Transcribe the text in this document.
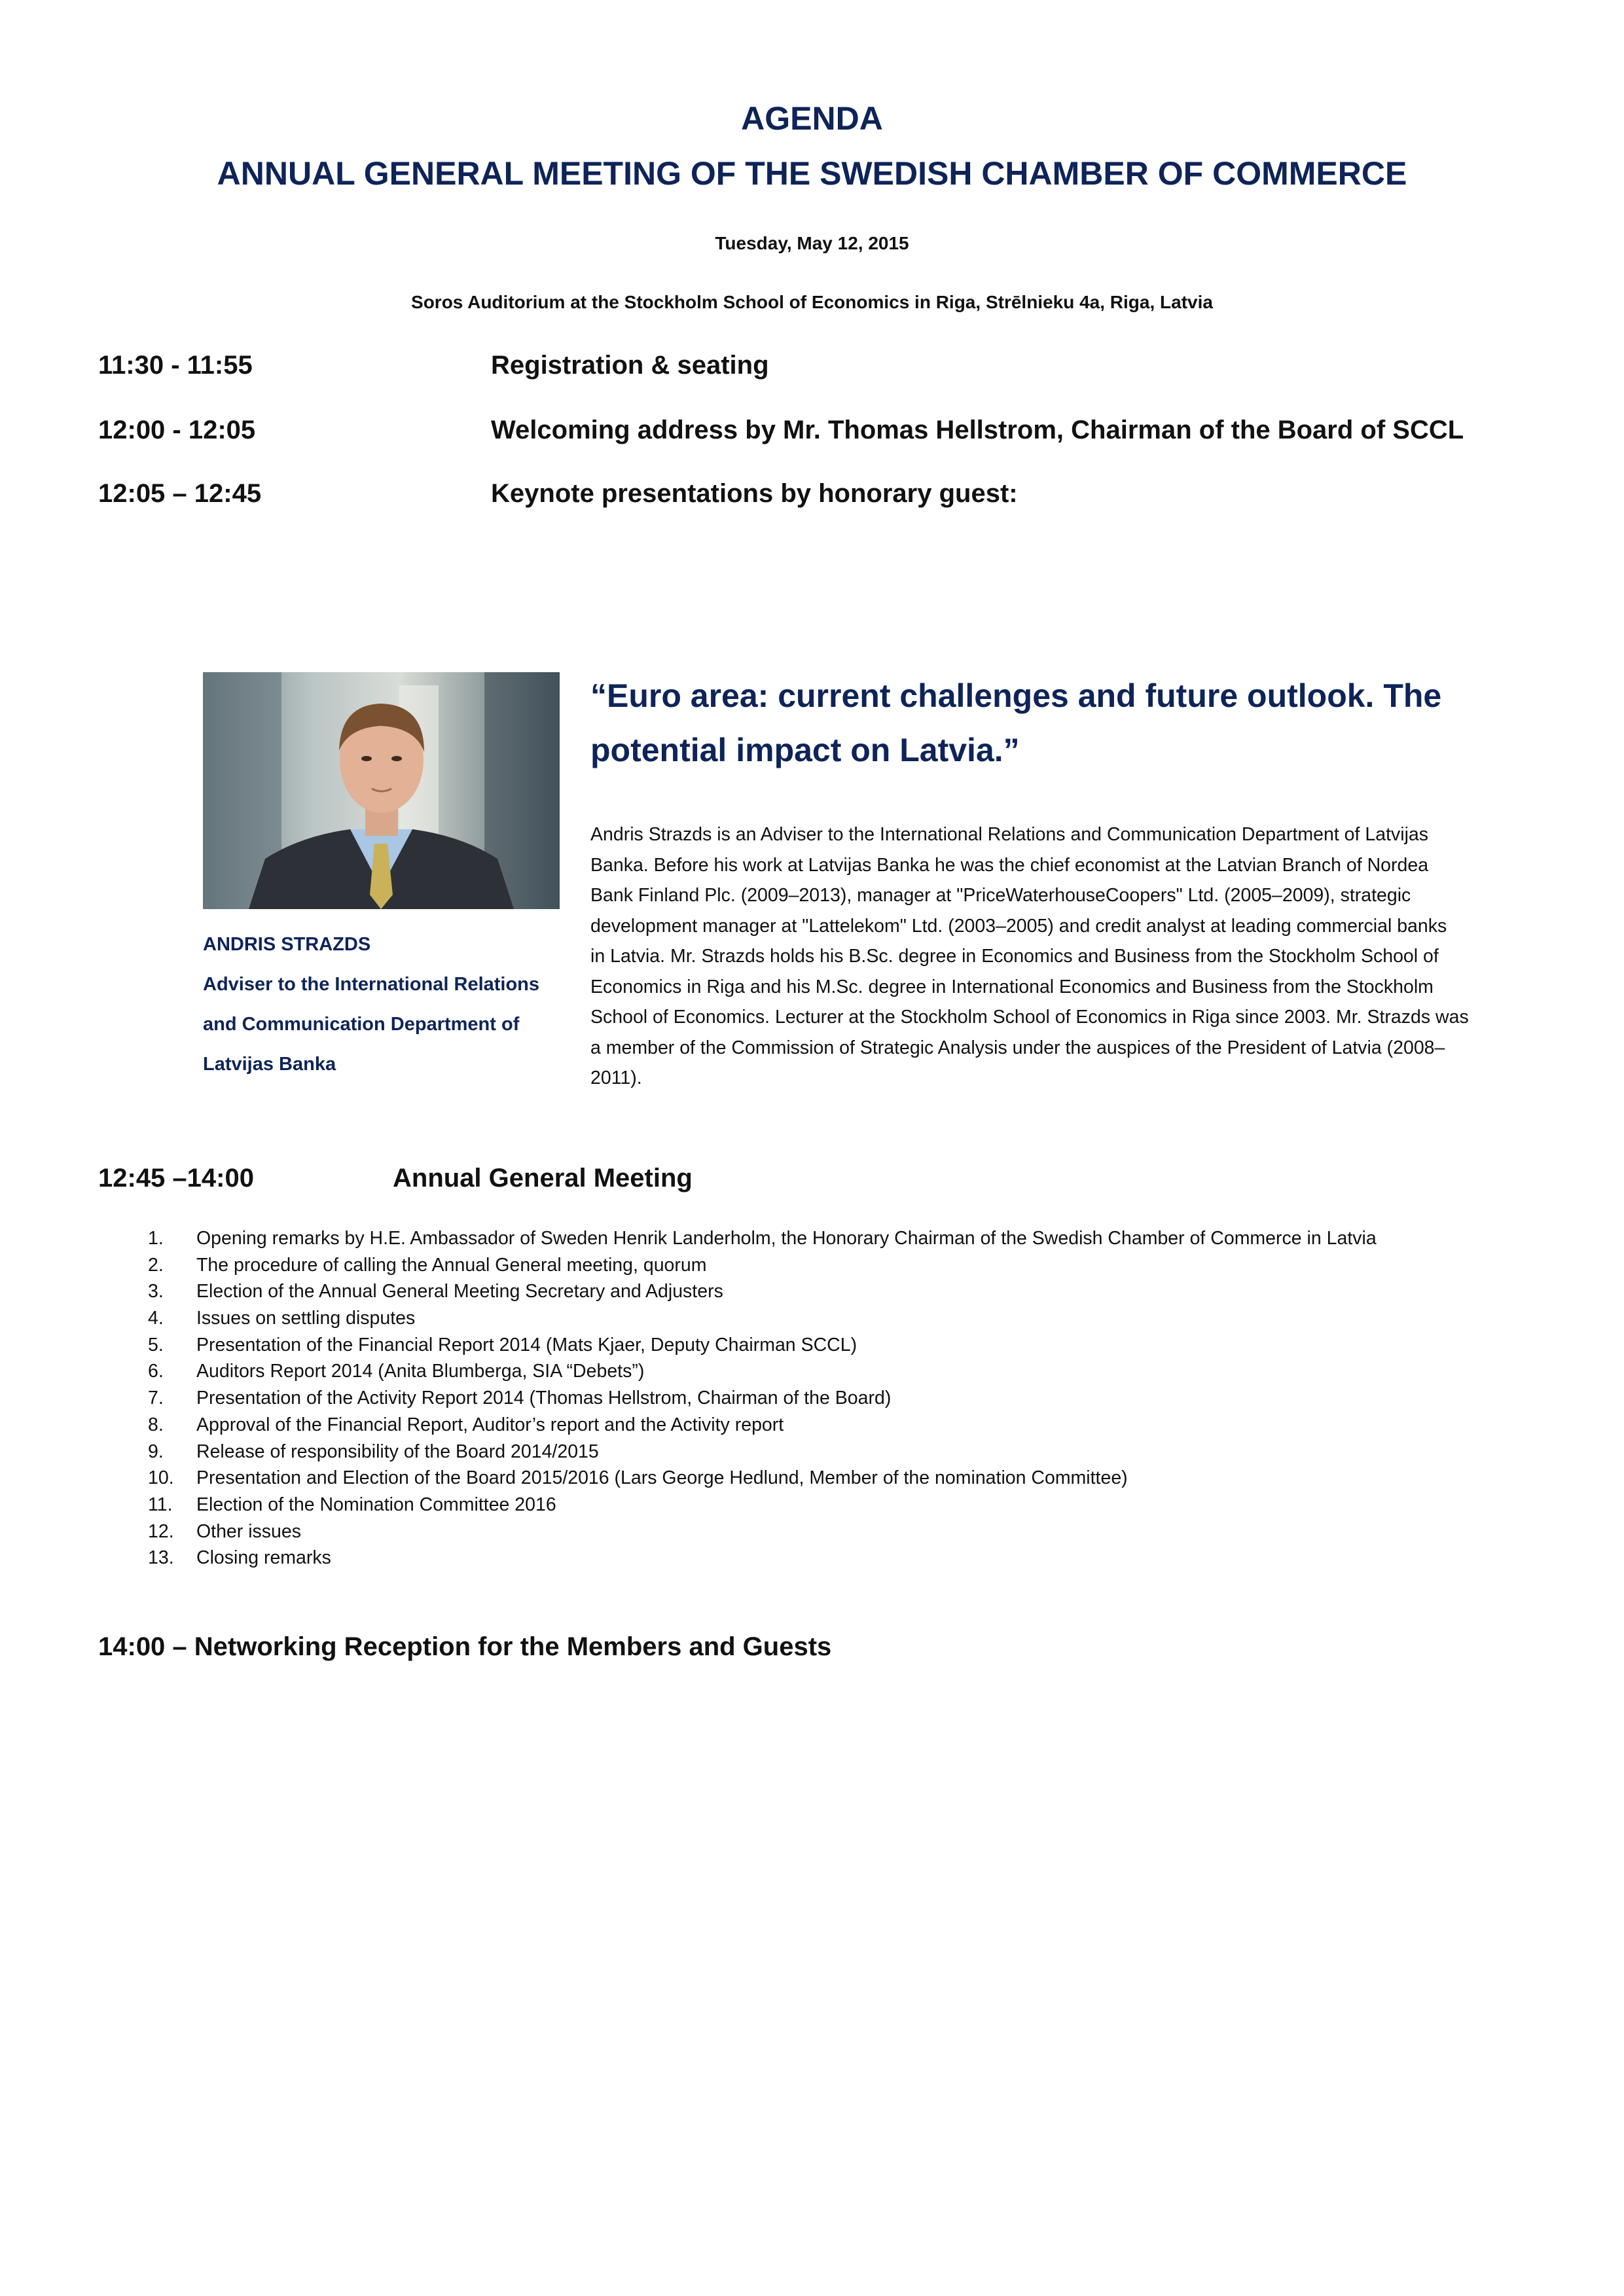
AGENDA
ANNUAL GENERAL MEETING OF THE SWEDISH CHAMBER OF COMMERCE
Tuesday, May 12, 2015
Soros Auditorium at the Stockholm School of Economics in Riga, Strēlnieku 4a, Riga, Latvia
11:30 - 11:55	Registration & seating
12:00 - 12:05	Welcoming address by Mr. Thomas Hellstrom, Chairman of the Board of SCCL
12:05 – 12:45	Keynote presentations by honorary guest:
ANDRIS STRAZDS
Adviser to the International Relations
and Communication Department of
Latvijas Banka
“Euro area: current challenges and future outlook. The
potential impact on Latvia.”
Andris Strazds is an Adviser to the International Relations and Communication Department of Latvijas
Banka. Before his work at Latvijas Banka he was the chief economist at the Latvian Branch of Nordea
Bank Finland Plc. (2009–2013), manager at "PriceWaterhouseCoopers" Ltd. (2005–2009), strategic
development manager at "Lattelekom" Ltd. (2003–2005) and credit analyst at leading commercial banks
in Latvia. Mr. Strazds holds his B.Sc. degree in Economics and Business from the Stockholm School of
Economics in Riga and his M.Sc. degree in International Economics and Business from the Stockholm
School of Economics. Lecturer at the Stockholm School of Economics in Riga since 2003. Mr. Strazds was
a member of the Commission of Strategic Analysis under the auspices of the President of Latvia (2008–
2011).
12:45 –14:00	Annual General Meeting
1.	Opening remarks by H.E. Ambassador of Sweden Henrik Landerholm, the Honorary Chairman of the Swedish Chamber of Commerce in Latvia
2.	The procedure of calling the Annual General meeting, quorum
3.	Election of the Annual General Meeting Secretary and Adjusters
4.	Issues on settling disputes
5.	Presentation of the Financial Report 2014 (Mats Kjaer, Deputy Chairman SCCL)
6.	Auditors Report 2014 (Anita Blumberga, SIA “Debets”)
7.	Presentation of the Activity Report 2014 (Thomas Hellstrom, Chairman of the Board)
8.	Approval of the Financial Report, Auditor’s report and the Activity report
9.	Release of responsibility of the Board 2014/2015
10.	Presentation and Election of the Board 2015/2016 (Lars George Hedlund, Member of the nomination Committee)
11.	Election of the Nomination Committee 2016
12.	Other issues
13.	Closing remarks
14:00 – Networking Reception for the Members and Guests
